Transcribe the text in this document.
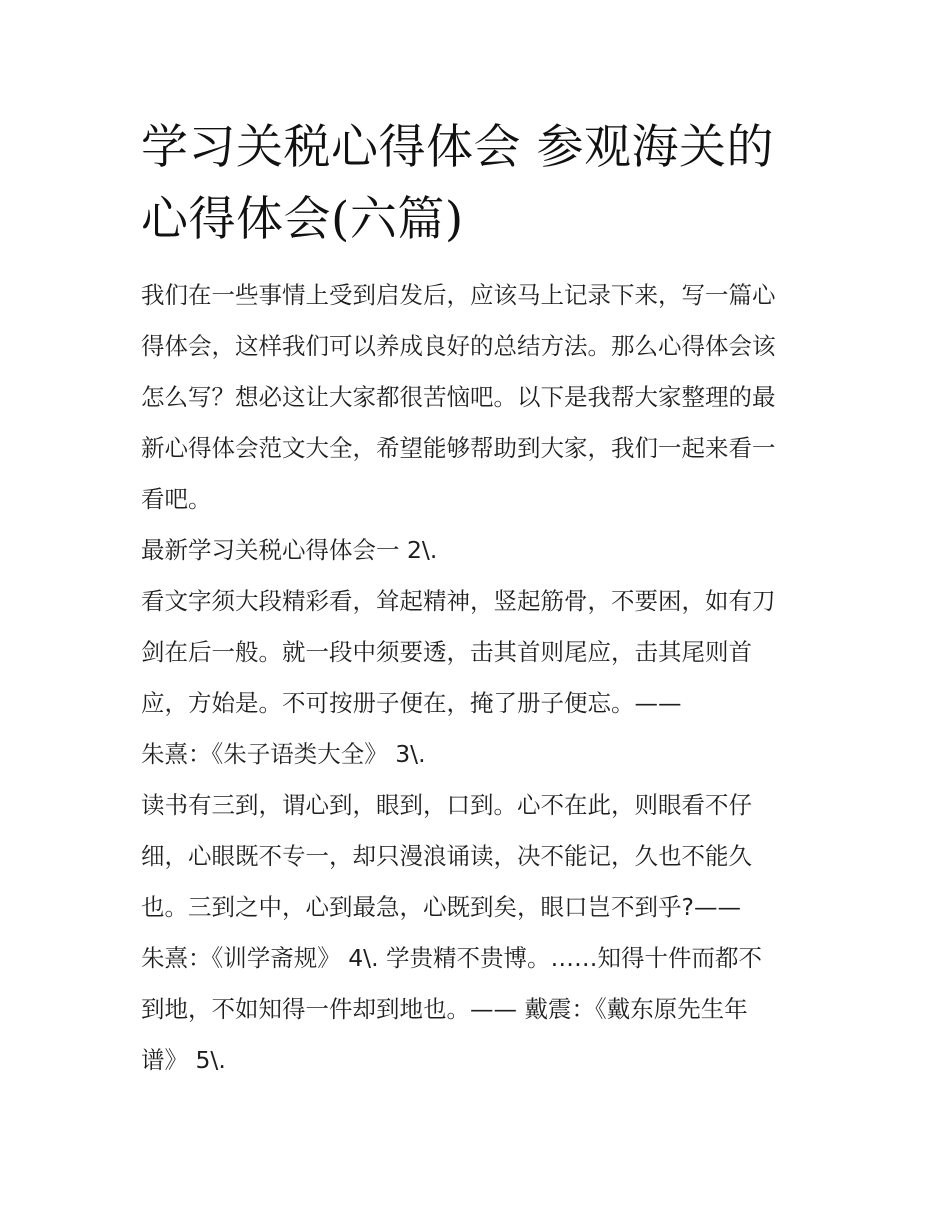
学习关税心得体会 参观海关的
心得体会(六篇)
我们在一些事情上受到启发后，应该马上记录下来，写一篇心
得体会，这样我们可以养成良好的总结方法。那么心得体会该
怎么写？想必这让大家都很苦恼吧。以下是我帮大家整理的最
新心得体会范文大全，希望能够帮助到大家，我们一起来看一
看吧。
最新学习关税心得体会一 2\.
看文字须大段精彩看，耸起精神，竖起筋骨，不要困，如有刀
剑在后一般。就一段中须要透，击其首则尾应，击其尾则首
应，方始是。不可按册子便在，掩了册子便忘。——
朱熹：《朱子语类大全》 3\.
读书有三到，谓心到，眼到，口到。心不在此，则眼看不仔
细，心眼既不专一，却只漫浪诵读，决不能记，久也不能久
也。三到之中，心到最急，心既到矣，眼口岂不到乎?——
朱熹：《训学斋规》 4\. 学贵精不贵博。……知得十件而都不
到地，不如知得一件却到地也。—— 戴震：《戴东原先生年
谱》 5\.
